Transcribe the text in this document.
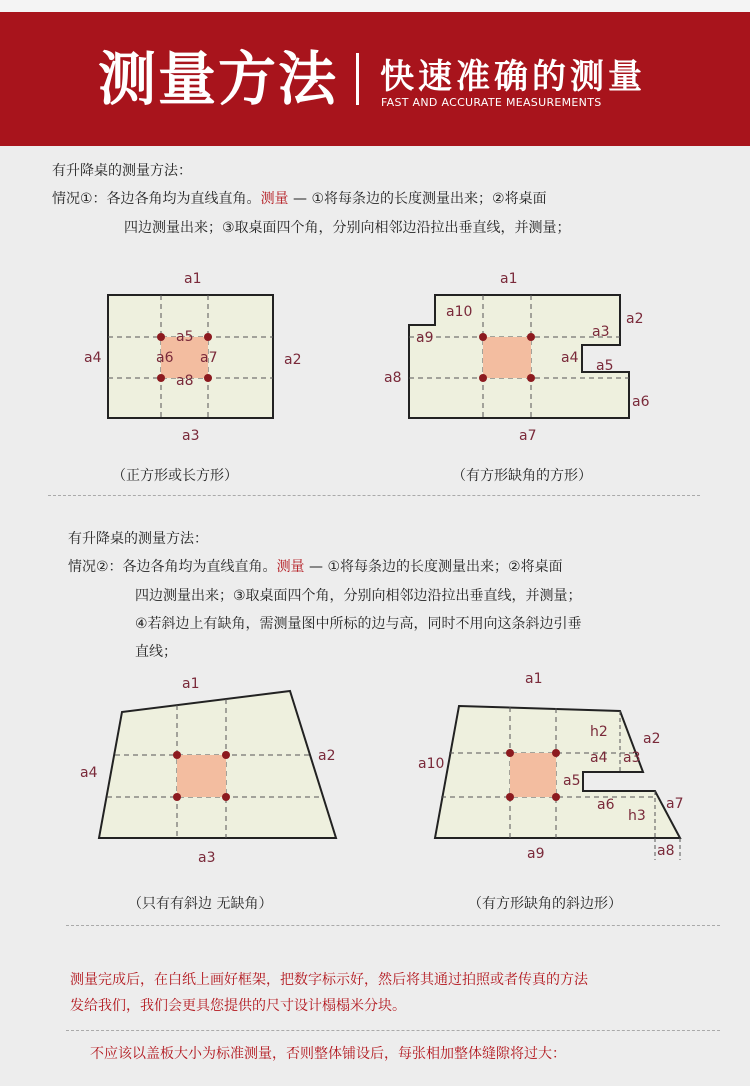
测量方法 快速准确的测量
FAST AND ACCURATE MEASUREMENTS
有升降桌的测量方法：
情况①：各边各角均为直线直角。测量 — ①将每条边的长度测量出来；②将桌面
四边测量出来；③取桌面四个角，分别向相邻边沿拉出垂直线，并测量；
有升降桌的测量方法：
情况②：各边各角均为直线直角。测量 — ①将每条边的长度测量出来；②将桌面
四边测量出来；③取桌面四个角，分别向相邻边沿拉出垂直线，并测量；
④若斜边上有缺角，需测量图中所标的边与高，同时不用向这条斜边引垂
直线；
（正方形或长方形）	（有方形缺角的方形）
（只有有斜边 无缺角）	（有方形缺角的斜边形）
测量完成后，在白纸上画好框架，把数字标示好，然后将其通过拍照或者传真的方法
发给我们，我们会更具您提供的尺寸设计榻榻米分块。
不应该以盖板大小为标准测量，否则整体铺设后，每张相加整体缝隙将过大：
a1
a2
a3
a4
a5
a6 a7
a8
a1
a2
a3
a4 a5
a6
a7
a8
a9
a10
a1
a2
a3
a4
a1
a2
a3
a4
a5
a6	a7
a8
a9
a10
h2
h3
